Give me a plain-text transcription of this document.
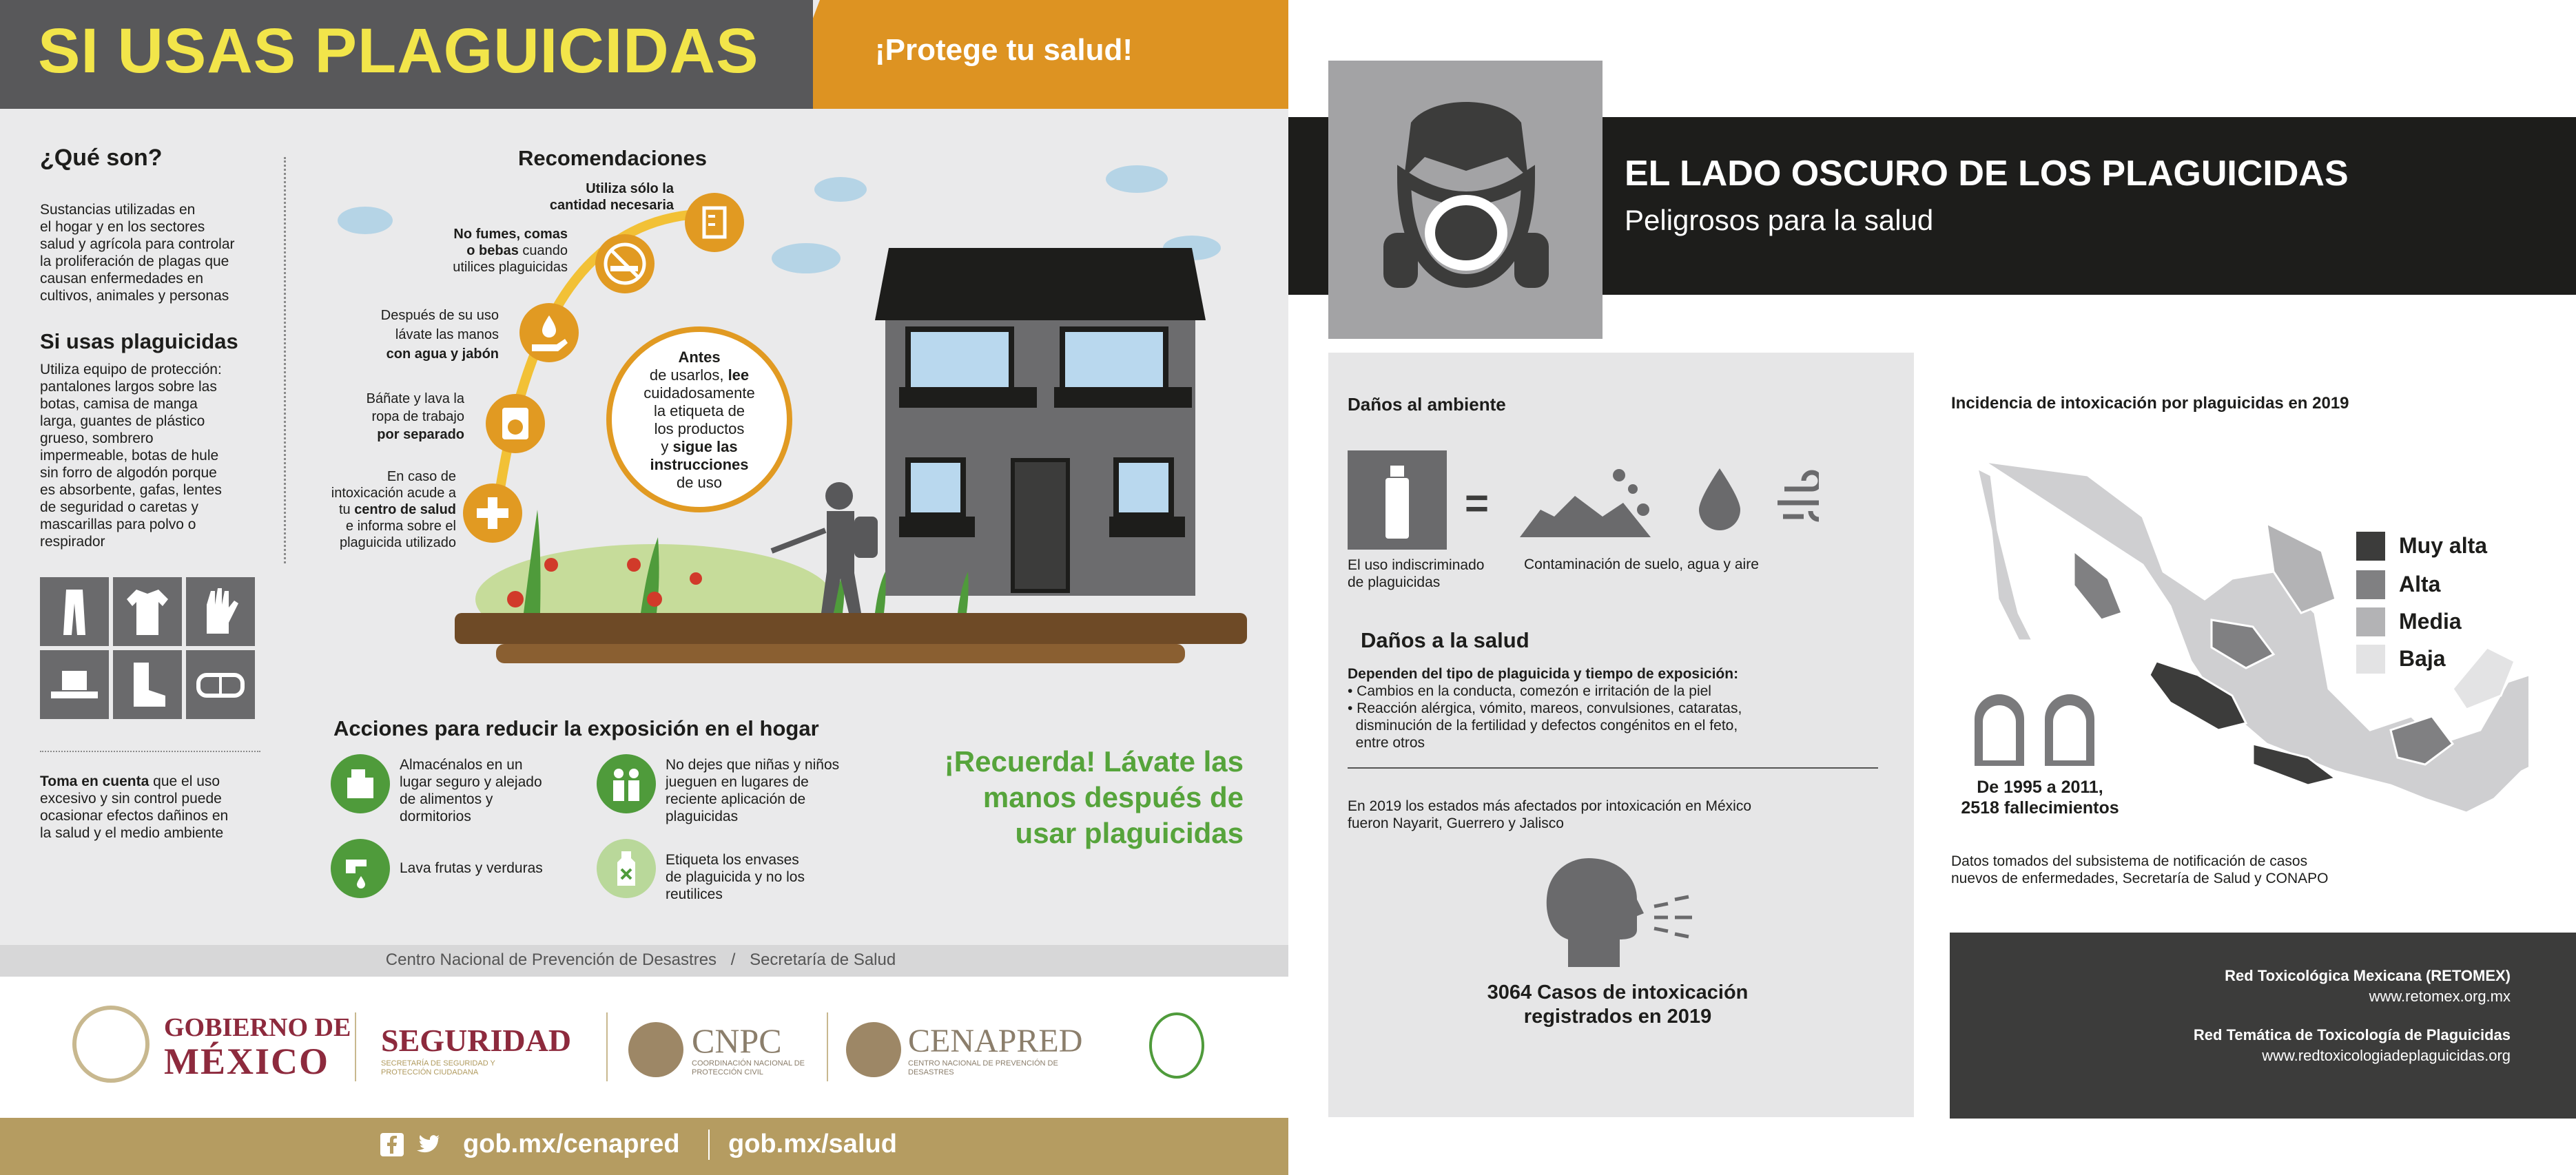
SI USAS PLAGUICIDAS	¡Protege tu salud!
¿Qué son?
Sustancias utilizadas en
el hogar y en los sectores
salud y agrícola para controlar
la proliferación de plagas que
causan enfermedades en
cultivos, animales y personas
Si usas plaguicidas
Utiliza equipo de protección:
pantalones largos sobre las
botas, camisa de manga
larga, guantes de plástico
grueso, sombrero
impermeable, botas de hule
sin forro de algodón porque
es absorbente, gafas, lentes
de seguridad o caretas y
mascarillas para polvo o
respirador
Toma en cuenta que el uso
excesivo y sin control puede
ocasionar efectos dañinos en
la salud y el medio ambiente
Recomendaciones
Utiliza sólo la
cantidad necesaria
No fumes, comas
o bebas cuando
utilices plaguicidas
Después de su uso
lávate las manos
con agua y jabón
Báñate y lava la
ropa de trabajo
por separado
En caso de
intoxicación acude a
tu centro de salud
e informa sobre el
plaguicida utilizado
Antes
de usarlos, lee
cuidadosamente
la etiqueta de
los productos
y sigue las
instrucciones
de uso
Acciones para reducir la exposición en el hogar
Almacénalos en un
lugar seguro y alejado
de alimentos y
dormitorios
No dejes que niñas y niños
jueguen en lugares de
reciente aplicación de
plaguicidas
Lava frutas y verduras
Etiqueta los envases
de plaguicida y no los
reutilices
¡Recuerda! Lávate las
manos después de
usar plaguicidas
Centro Nacional de Prevención de Desastres / Secretaría de Salud
GOBIERNO DE
MÉXICO
SEGURIDAD
SECRETARÍA DE SEGURIDAD Y PROTECCIÓN CIUDADANA
CNPC
COORDINACIÓN NACIONAL DE PROTECCIÓN CIVIL
CENAPRED
CENTRO NACIONAL DE PREVENCIÓN DE DESASTRES
gob.mx/cenapred gob.mx/salud
EL LADO OSCURO DE LOS PLAGUICIDAS
Peligrosos para la salud
Daños al ambiente
=
El uso indiscriminado
de plaguicidas
Contaminación de suelo, agua y aire
Daños a la salud
Dependen del tipo de plaguicida y tiempo de exposición:
• Cambios en la conducta, comezón e irritación de la piel
• Reacción alérgica, vómito, mareos, convulsiones, cataratas,
disminución de la fertilidad y defectos congénitos en el feto,
entre otros
En 2019 los estados más afectados por intoxicación en México
fueron Nayarit, Guerrero y Jalisco
3064 Casos de intoxicación
registrados en 2019
Incidencia de intoxicación por plaguicidas en 2019
Muy alta
Alta
Media
Baja
De 1995 a 2011,
2518 fallecimientos
Datos tomados del subsistema de notificación de casos
nuevos de enfermedades, Secretaría de Salud y CONAPO
Red Toxicológica Mexicana (RETOMEX)
www.retomex.org.mx
Red Temática de Toxicología de Plaguicidas
www.redtoxicologiadeplaguicidas.org
